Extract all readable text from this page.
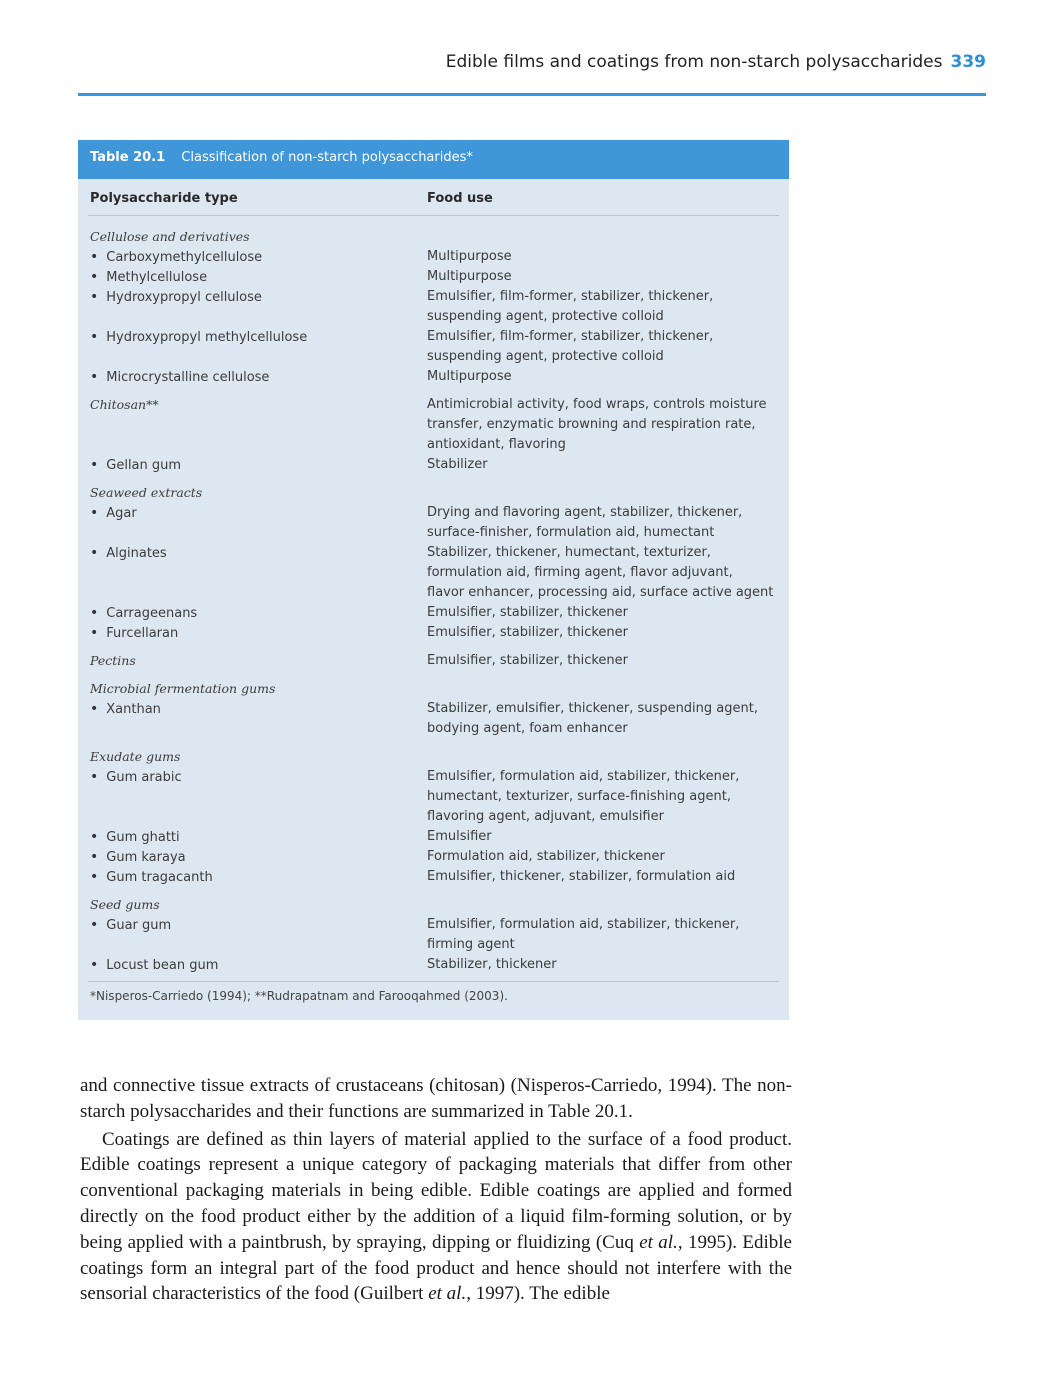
Edible films and coatings from non-starch polysaccharides 339
Table 20.1 Classification of non-starch polysaccharides*
Polysaccharide type	Food use
Cellulose and derivatives
• Carboxymethylcellulose	Multipurpose
• Methylcellulose	Multipurpose
• Hydroxypropyl cellulose	Emulsifier, film-former, stabilizer, thickener,
suspending agent, protective colloid
• Hydroxypropyl methylcellulose	Emulsifier, film-former, stabilizer, thickener,
suspending agent, protective colloid
• Microcrystalline cellulose	Multipurpose
Chitosan**	Antimicrobial activity, food wraps, controls moisture
transfer, enzymatic browning and respiration rate,
antioxidant, flavoring
• Gellan gum	Stabilizer
Seaweed extracts
• Agar	Drying and flavoring agent, stabilizer, thickener,
surface-finisher, formulation aid, humectant
• Alginates	Stabilizer, thickener, humectant, texturizer,
formulation aid, firming agent, flavor adjuvant,
flavor enhancer, processing aid, surface active agent
• Carrageenans	Emulsifier, stabilizer, thickener
• Furcellaran	Emulsifier, stabilizer, thickener
Pectins	Emulsifier, stabilizer, thickener
Microbial fermentation gums
• Xanthan	Stabilizer, emulsifier, thickener, suspending agent,
bodying agent, foam enhancer
Exudate gums
• Gum arabic	Emulsifier, formulation aid, stabilizer, thickener,
humectant, texturizer, surface-finishing agent,
flavoring agent, adjuvant, emulsifier
• Gum ghatti	Emulsifier
• Gum karaya	Formulation aid, stabilizer, thickener
• Gum tragacanth	Emulsifier, thickener, stabilizer, formulation aid
Seed gums
• Guar gum	Emulsifier, formulation aid, stabilizer, thickener,
firming agent
• Locust bean gum	Stabilizer, thickener
*Nisperos-Carriedo (1994); **Rudrapatnam and Farooqahmed (2003).

and connective tissue extracts of crustaceans (chitosan) (Nisperos-Carriedo, 1994). The non-starch polysaccharides and their functions are summarized in Table 20.1.

Coatings are defined as thin layers of material applied to the surface of a food product. Edible coatings represent a unique category of packaging materials that differ from other conventional packaging materials in being edible. Edible coatings are applied and formed directly on the food product either by the addition of a liquid film-forming solution, or by being applied with a paintbrush, by spraying, dipping or fluidizing (Cuq et al., 1995). Edible coatings form an integral part of the food product and hence should not interfere with the sensorial characteristics of the food (Guilbert et al., 1997). The edible
